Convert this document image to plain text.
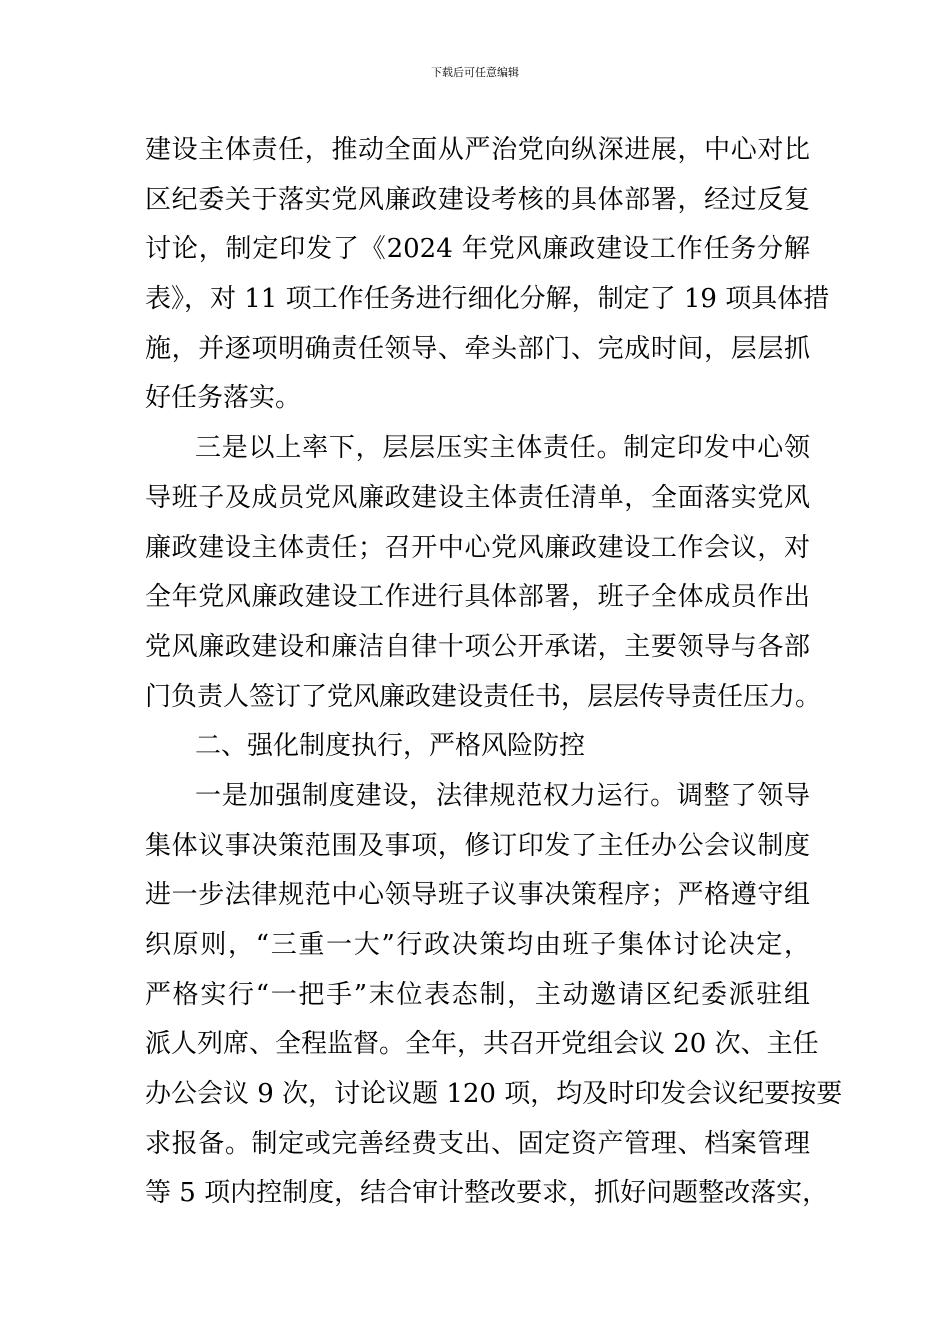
下载后可任意编辑
建设主体责任，推动全面从严治党向纵深进展，中心对比
区纪委关于落实党风廉政建设考核的具体部署，经过反复
讨论，制定印发了《2024 年党风廉政建设工作任务分解
表》，对 11 项工作任务进行细化分解，制定了 19 项具体措
施，并逐项明确责任领导、牵头部门、完成时间，层层抓
好任务落实。
三是以上率下，层层压实主体责任。制定印发中心领
导班子及成员党风廉政建设主体责任清单，全面落实党风
廉政建设主体责任；召开中心党风廉政建设工作会议，对
全年党风廉政建设工作进行具体部署，班子全体成员作出
党风廉政建设和廉洁自律十项公开承诺，主要领导与各部
门负责人签订了党风廉政建设责任书，层层传导责任压力。
二、强化制度执行，严格风险防控
一是加强制度建设，法律规范权力运行。调整了领导
集体议事决策范围及事项，修订印发了主任办公会议制度
进一步法律规范中心领导班子议事决策程序；严格遵守组
织原则，“三重一大”行政决策均由班子集体讨论决定，
严格实行“一把手”末位表态制，主动邀请区纪委派驻组
派人列席、全程监督。全年，共召开党组会议 20 次、主任
办公会议 9 次，讨论议题 120 项，均及时印发会议纪要按要
求报备。制定或完善经费支出、固定资产管理、档案管理
等 5 项内控制度，结合审计整改要求，抓好问题整改落实，
